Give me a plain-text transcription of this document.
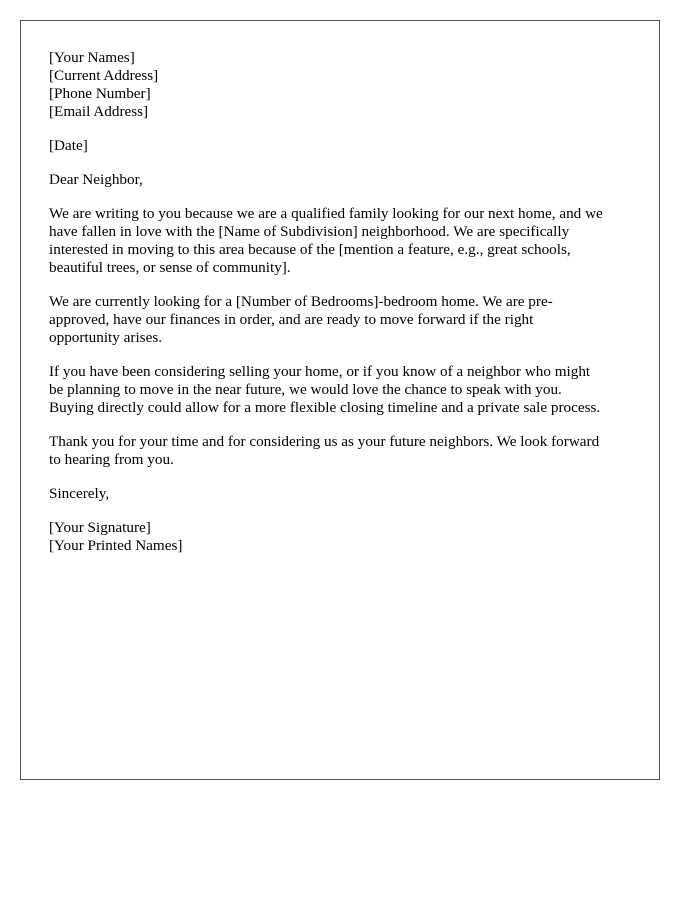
[Your Names]
[Current Address]
[Phone Number]
[Email Address]
[Date]
Dear Neighbor,

We are writing to you because we are a qualified family looking for our next home, and we
have fallen in love with the [Name of Subdivision] neighborhood. We are specifically
interested in moving to this area because of the [mention a feature, e.g., great schools,
beautiful trees, or sense of community].

We are currently looking for a [Number of Bedrooms]-bedroom home. We are pre-
approved, have our finances in order, and are ready to move forward if the right
opportunity arises.

If you have been considering selling your home, or if you know of a neighbor who might
be planning to move in the near future, we would love the chance to speak with you.
Buying directly could allow for a more flexible closing timeline and a private sale process.

Thank you for your time and for considering us as your future neighbors. We look forward
to hearing from you.

Sincerely,
[Your Signature]
[Your Printed Names]
